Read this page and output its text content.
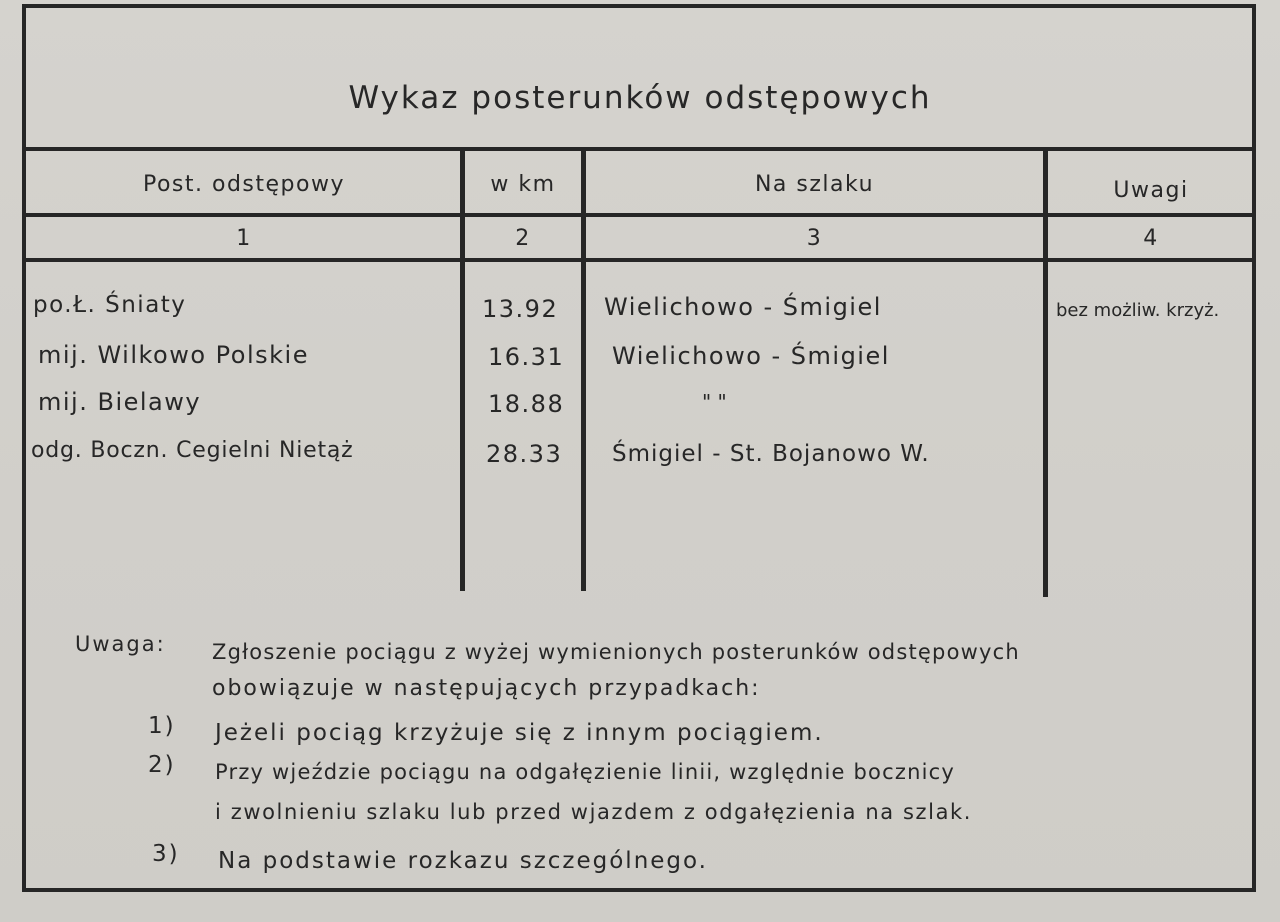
Wykaz posterunków odstępowych
Post. odstępowy	w km	Na szlaku	Uwagi
1	2	3	4
po.Ł. Śniaty	13.92 Wielichowo - Śmigiel	bez możliw. krzyż.
mij. Wilkowo Polskie	16.31 Wielichowo - Śmigiel
mij. Bielawy	18.88	" "
odg. Boczn. Cegielni Nietąż	28.33 Śmigiel - St. Bojanowo W.
Uwaga: Zgłoszenie pociągu z wyżej wymienionych posterunków odstępowych
obowiązuje w następujących przypadkach:
1) Jeżeli pociąg krzyżuje się z innym pociągiem.
2) Przy wjeździe pociągu na odgałęzienie linii, względnie bocznicy
i zwolnieniu szlaku lub przed wjazdem z odgałęzienia na szlak.
3) Na podstawie rozkazu szczególnego.
